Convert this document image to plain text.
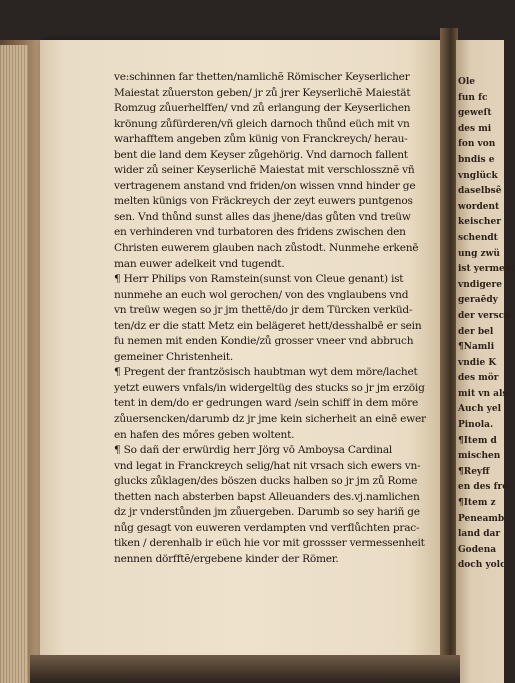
ve:schinnen far thetten/namlichẽ Römischer Keyserlicher
Maiestat zůuerston geben/ jr zů jrer Keyserlichẽ Maiestät
Romzug zůuerhelffen/ vnd zů erlangung der Keyserlichen
krönung zůfürderen/vñ gleich darnoch thůnd eüch mit vn
warhafftem angeben zům künig von Franckreych/ herau-
bent die land dem Keyser zůgehörig. Vnd darnoch fallent
wider zů seiner Keyserlichẽ Maiestat mit verschlossznẽ vñ
vertragenem anstand vnd friden/on wissen vnnd hinder ge
melten künigs von Fräckreych der zeyt euwers puntgenos
sen. Vnd thůnd sunst alles das jhene/das gůten vnd treüw
en verhinderen vnd turbatoren des fridens zwischen den
Christen euwerem glauben nach zůstodt. Nunmehe erkenē
man euwer adelkeit vnd tugendt.
¶ Herr Philips von Ramstein(sunst von Cleue genant) ist
nunmehe an euch wol gerochen/ von des vnglaubens vnd
vn treüw wegen so jr jm thettē/do jr dem Türcken verküd-
ten/dz er die statt Metz ein belägeret hett/desshalbē er sein
fu nemen mit enden Kondie/zů grosser vneer vnd abbruch
gemeiner Christenheit.
¶ Pregent der frantzösisch haubtman wyt dem möre/lachet
yetzt euwers vnfals/in widergeltüg des stucks so jr jm erzöig
tent in dem/do er gedrungen ward /sein schiff in dem möre
zůuersencken/darumb dz jr jme kein sicherheit an einē ewer
en hafen des mőres geben woltent.
¶ So dañ der erwürdig herr Jörg vō Amboysa Cardinal
vnd legat in Franckreych selig/hat nit vrsach sich ewers vn-
glucks zůklagen/des böszen ducks halben so jr jm zů Rome
thetten nach absterben bapst Alleuanders des.vj.namlichen
dz jr vnderstůnden jm zůuergeben. Darumb so sey hariñ ge
nůg gesagt von euweren verdampten vnd verflůchten prac-
tiken / derenhalb ir eüch hie vor mit grossser vermessenheit
nennen dörfftẽ/ergebene kinder der Römer.
Ole
fun fc
geweſt
des mi
fon von
bndis e
vnglück
daselbsẽ
wordent
keischer
schendt
ung zwü
ist yerment
vndigere
geraēdy
der versch
der bel
¶Namli
vndie K
des mör
mit vn als
Auch yel
Pinola.
¶Item d
mischen
¶Reyff
en des fro
¶Item z
Peneamb
land dar
Godena
doch yolc
